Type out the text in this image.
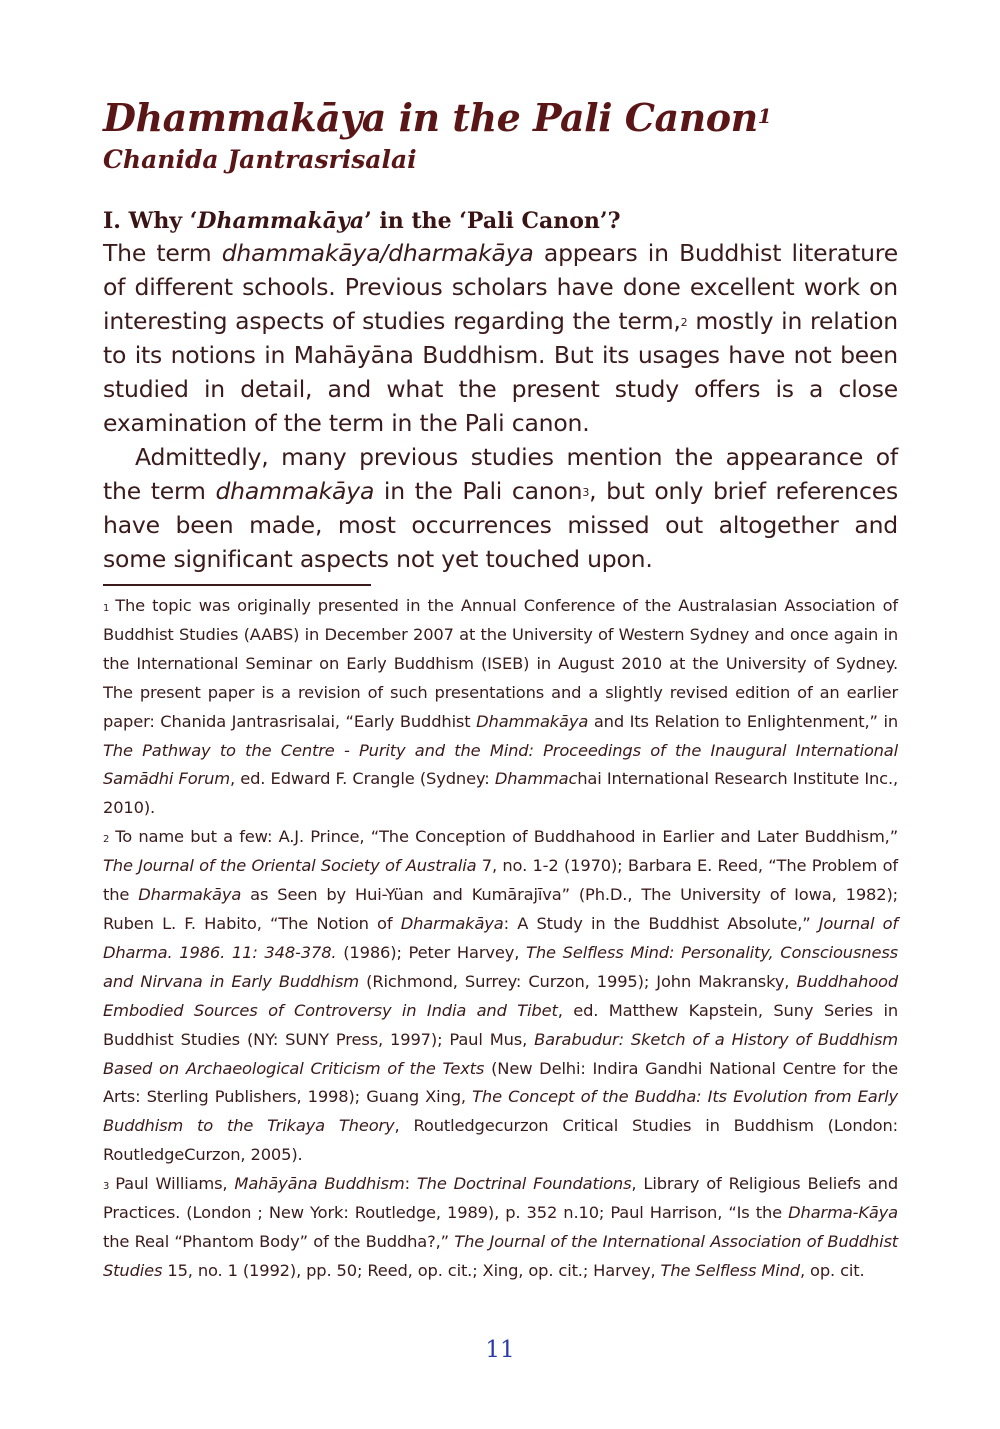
Dhammakāya in the Pali Canon$^1$
Chanida Jantrasrisalai
I. Why ‘Dhammakāya’ in the ‘Pali Canon’?

The term dhammakāya/dharmakāya appears in Buddhist literature of different schools. Previous scholars have done excellent work on interesting aspects of studies regarding the term,$^2$ mostly in relation to its notions in Mahāyāna Buddhism. But its usages have not been studied in detail, and what the present study offers is a close examination of the term in the Pali canon.

Admittedly, many previous studies mention the appearance of the term dhammakāya in the Pali canon$^3$, but only brief references have been made, most occurrences missed out altogether and some significant aspects not yet touched upon.

$^1$ The topic was originally presented in the Annual Conference of the Australasian Association of Buddhist Studies (AABS) in December 2007 at the University of Western Sydney and once again in the International Seminar on Early Buddhism (ISEB) in August 2010 at the University of Sydney. The present paper is a revision of such presentations and a slightly revised edition of an earlier paper: Chanida Jantrasrisalai, “Early Buddhist Dhammakāya and Its Relation to Enlightenment,” in The Pathway to the Centre - Purity and the Mind: Proceedings of the Inaugural International Samādhi Forum, ed. Edward F. Crangle (Sydney: Dhammachai International Research Institute Inc., 2010).

$^2$ To name but a few: A.J. Prince, “The Conception of Buddhahood in Earlier and Later Buddhism,” The Journal of the Oriental Society of Australia 7, no. 1-2 (1970); Barbara E. Reed, “The Problem of the Dharmakāya as Seen by Hui-Yüan and Kumārajīva” (Ph.D., The University of Iowa, 1982); Ruben L. F. Habito, “The Notion of Dharmakāya: A Study in the Buddhist Absolute,” Journal of Dharma. 1986. 11: 348-378. (1986); Peter Harvey, The Selfless Mind: Personality, Consciousness and Nirvana in Early Buddhism (Richmond, Surrey: Curzon, 1995); John Makransky, Buddhahood Embodied Sources of Controversy in India and Tibet, ed. Matthew Kapstein, Suny Series in Buddhist Studies (NY: SUNY Press, 1997); Paul Mus, Barabudur: Sketch of a History of Buddhism Based on Archaeological Criticism of the Texts (New Delhi: Indira Gandhi National Centre for the Arts: Sterling Publishers, 1998); Guang Xing, The Concept of the Buddha: Its Evolution from Early Buddhism to the Trikaya Theory, Routledgecurzon Critical Studies in Buddhism (London: RoutledgeCurzon, 2005).

$^3$ Paul Williams, Mahāyāna Buddhism: The Doctrinal Foundations, Library of Religious Beliefs and Practices. (London ; New York: Routledge, 1989), p. 352 n.10; Paul Harrison, “Is the Dharma-Kāya the Real “Phantom Body” of the Buddha?,” The Journal of the International Association of Buddhist Studies 15, no. 1 (1992), pp. 50; Reed, op. cit.; Xing, op. cit.; Harvey, The Selfless Mind, op. cit.

11
